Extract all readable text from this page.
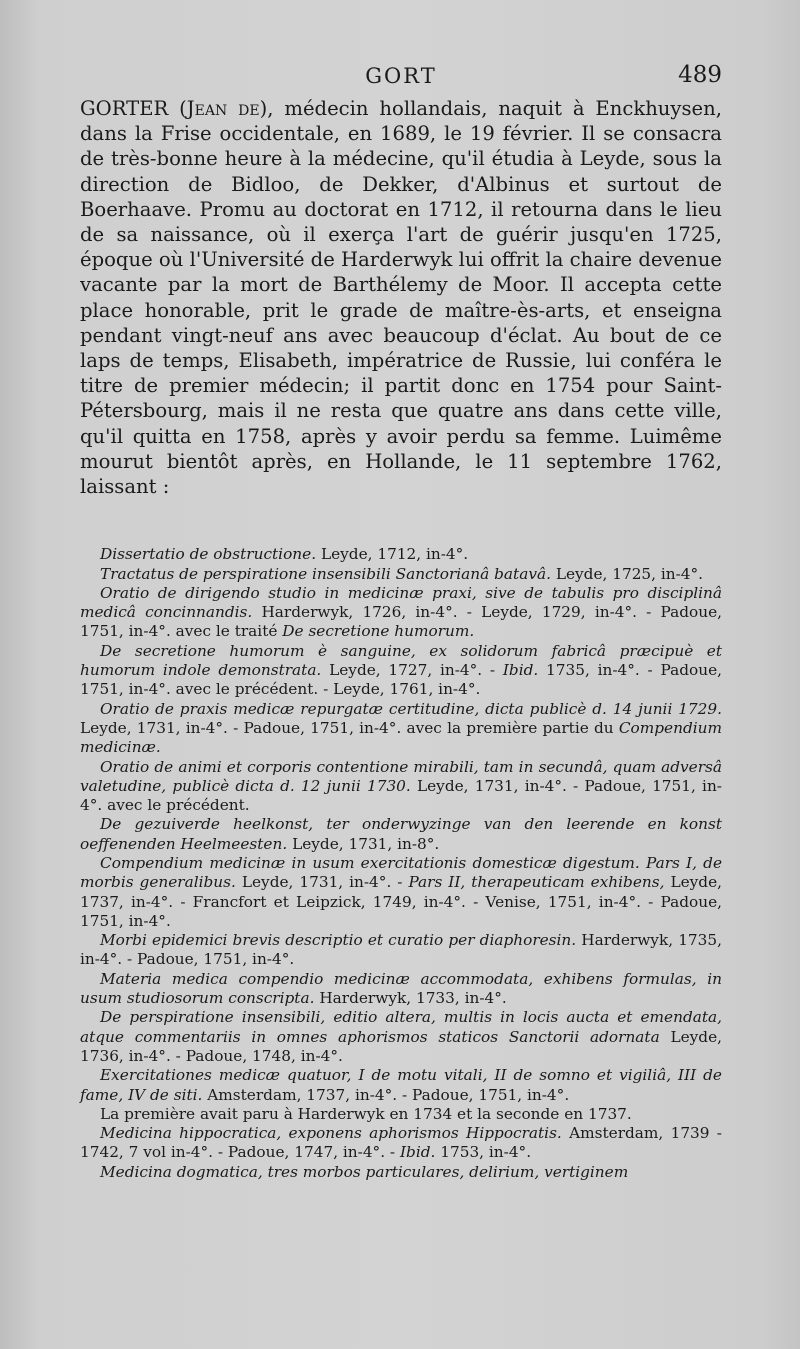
GORT	489

GORTER (Jean de), médecin hollandais, naquit à Enckhuysen, dans la Frise occidentale, en 1689, le 19 février. Il se consacra de très-bonne heure à la médecine, qu'il étudia à Leyde, sous la direction de Bidloo, de Dekker, d'Albinus et surtout de Boerhaave. Promu au doctorat en 1712, il retourna dans le lieu de sa naissance, où il exerça l'art de guérir jusqu'en 1725, époque où l'Université de Harderwyk lui offrit la chaire devenue vacante par la mort de Barthélemy de Moor. Il accepta cette place honorable, prit le grade de maître-ès-arts, et enseigna pendant vingt-neuf ans avec beaucoup d'éclat. Au bout de ce laps de temps, Elisabeth, impératrice de Russie, lui conféra le titre de premier médecin; il partit donc en 1754 pour Saint-Pétersbourg, mais il ne resta que quatre ans dans cette ville, qu'il quitta en 1758, après y avoir perdu sa femme. Luimême mourut bientôt après, en Hollande, le 11 septembre 1762, laissant :

Dissertatio de obstructione. Leyde, 1712, in-4°.

Tractatus de perspiratione insensibili Sanctorianâ batavâ. Leyde, 1725, in-4°.

Oratio de dirigendo studio in medicinæ praxi, sive de tabulis pro disciplinâ medicâ concinnandis. Harderwyk, 1726, in-4°. - Leyde, 1729, in-4°. - Padoue, 1751, in-4°. avec le traité De secretione humorum.

De secretione humorum è sanguine, ex solidorum fabricâ præcipuè et humorum indole demonstrata. Leyde, 1727, in-4°. - Ibid. 1735, in-4°. - Padoue, 1751, in-4°. avec le précédent. - Leyde, 1761, in-4°.

Oratio de praxis medicæ repurgatæ certitudine, dicta publicè d. 14 junii 1729. Leyde, 1731, in-4°. - Padoue, 1751, in-4°. avec la première partie du Compendium medicinæ.

Oratio de animi et corporis contentione mirabili, tam in secundâ, quam adversâ valetudine, publicè dicta d. 12 junii 1730. Leyde, 1731, in-4°. - Padoue, 1751, in-4°. avec le précédent.

De gezuiverde heelkonst, ter onderwyzinge van den leerende en konst oeffenenden Heelmeesten. Leyde, 1731, in-8°.

Compendium medicinæ in usum exercitationis domesticæ digestum. Pars I, de morbis generalibus. Leyde, 1731, in-4°. - Pars II, therapeuticam exhibens, Leyde, 1737, in-4°. - Francfort et Leipzick, 1749, in-4°. - Venise, 1751, in-4°. - Padoue, 1751, in-4°.

Morbi epidemici brevis descriptio et curatio per diaphoresin. Harderwyk, 1735, in-4°. - Padoue, 1751, in-4°.

Materia medica compendio medicinæ accommodata, exhibens formulas, in usum studiosorum conscripta. Harderwyk, 1733, in-4°.

De perspiratione insensibili, editio altera, multis in locis aucta et emendata, atque commentariis in omnes aphorismos staticos Sanctorii adornata Leyde, 1736, in-4°. - Padoue, 1748, in-4°.

Exercitationes medicæ quatuor, I de motu vitali, II de somno et vigiliâ, III de fame, IV de siti. Amsterdam, 1737, in-4°. - Padoue, 1751, in-4°.

La première avait paru à Harderwyk en 1734 et la seconde en 1737.

Medicina hippocratica, exponens aphorismos Hippocratis. Amsterdam, 1739 - 1742, 7 vol in-4°. - Padoue, 1747, in-4°. - Ibid. 1753, in-4°.

Medicina dogmatica, tres morbos particulares, delirium, vertiginem
